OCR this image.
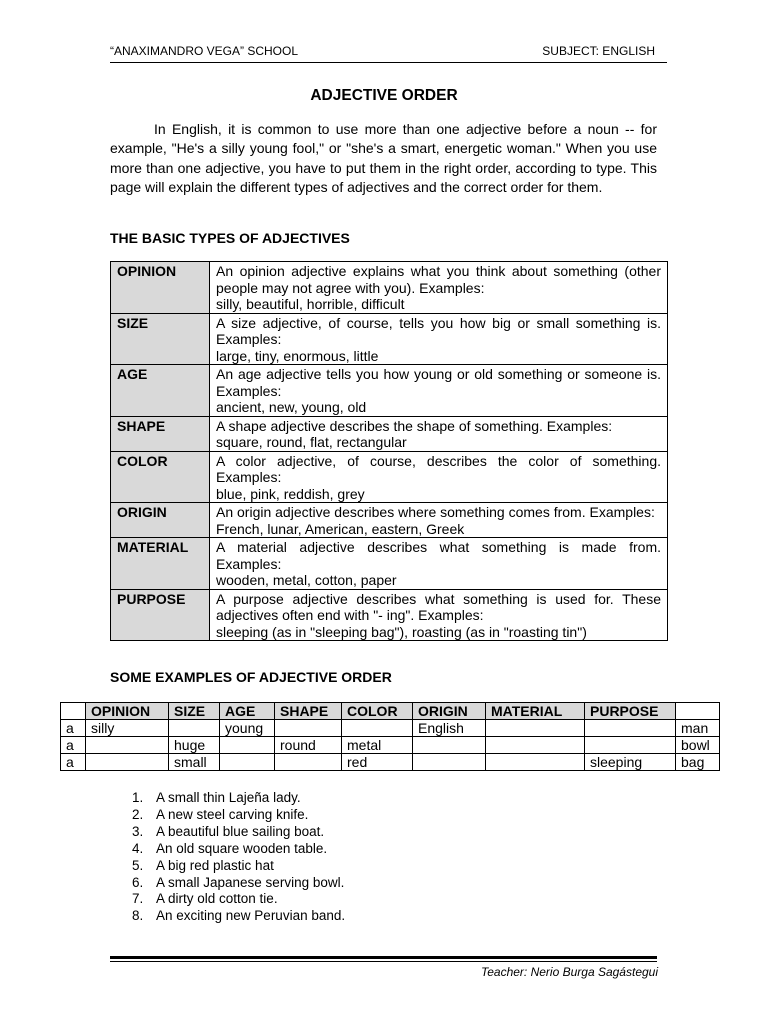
“ANAXIMANDRO VEGA” SCHOOL	SUBJECT: ENGLISH
ADJECTIVE ORDER
In English, it is common to use more than one adjective before a noun -- for example, "He's a silly young fool," or "she's a smart, energetic woman." When you use more than one adjective, you have to put them in the right order, according to type. This page will explain the different types of adjectives and the correct order for them.
THE BASIC TYPES OF ADJECTIVES
OPINION	An opinion adjective explains what you think about something (other people may not agree with you). Examples:
silly, beautiful, horrible, difficult

SIZE	A size adjective, of course, tells you how big or small something is. Examples:
large, tiny, enormous, little

AGE	An age adjective tells you how young or old something or someone is. Examples:
ancient, new, young, old

SHAPE	A shape adjective describes the shape of something. Examples:
square, round, flat, rectangular

COLOR	A color adjective, of course, describes the color of something. Examples:
blue, pink, reddish, grey

ORIGIN	An origin adjective describes where something comes from. Examples:
French, lunar, American, eastern, Greek

MATERIAL	A material adjective describes what something is made from. Examples:
wooden, metal, cotton, paper

PURPOSE	A purpose adjective describes what something is used for. These adjectives often end with "- ing". Examples:
sleeping (as in "sleeping bag"), roasting (as in "roasting tin")
SOME EXAMPLES OF ADJECTIVE ORDER
	OPINION	SIZE	AGE	SHAPE	COLOR	ORIGIN	MATERIAL	PURPOSE	
a	silly		young			English			man
a		huge		round	metal				bowl
a		small			red			sleeping	bag
1. A small thin Lajeña lady.
2. A new steel carving knife.
3. A beautiful blue sailing boat.
4. An old square wooden table.
5. A big red plastic hat
6. A small Japanese serving bowl.
7. A dirty old cotton tie.
8. An exciting new Peruvian band.
Teacher: Nerio Burga Sagástegui
